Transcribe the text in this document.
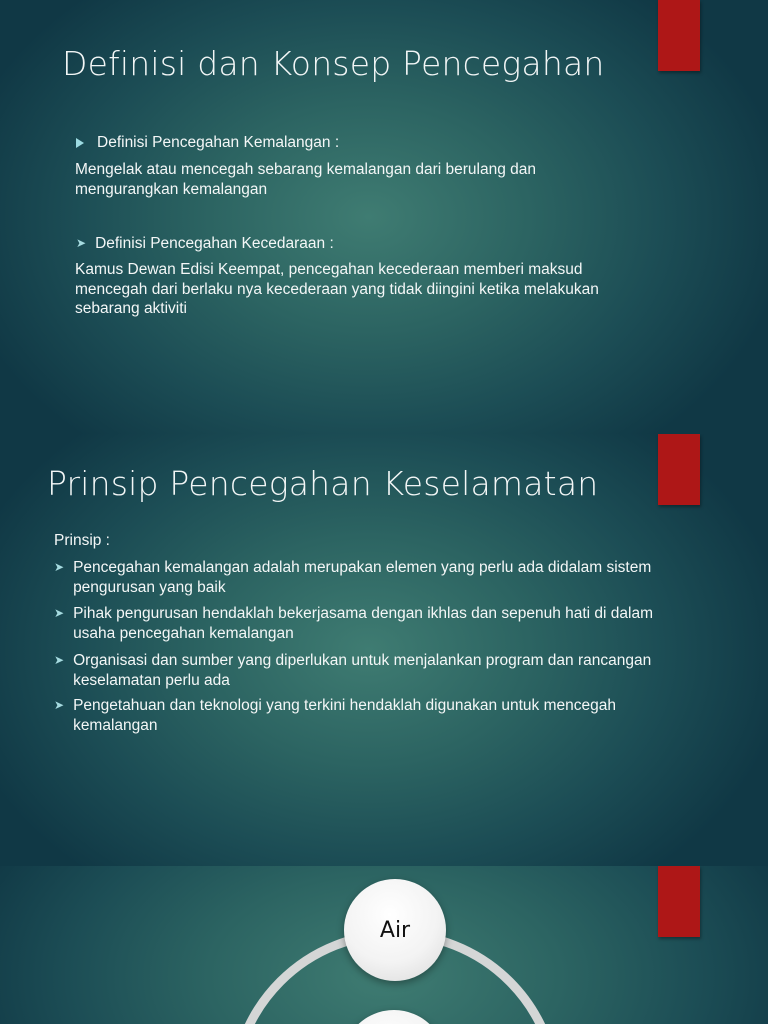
Definisi dan Konsep Pencegahan
Definisi Pencegahan Kemalangan :
Mengelak atau mencegah sebarang kemalangan dari berulang dan
mengurangkan kemalangan
➤ Definisi Pencegahan Kecedaraan :
Kamus Dewan Edisi Keempat, pencegahan kecederaan memberi maksud
mencegah dari berlaku nya kecederaan yang tidak diingini ketika melakukan
sebarang aktiviti
Prinsip Pencegahan Keselamatan
Prinsip :
➤ Pencegahan kemalangan adalah merupakan elemen yang perlu ada didalam sistem
pengurusan yang baik
➤ Pihak pengurusan hendaklah bekerjasama dengan ikhlas dan sepenuh hati di dalam
usaha pencegahan kemalangan
➤ Organisasi dan sumber yang diperlukan untuk menjalankan program dan rancangan
keselamatan perlu ada
➤ Pengetahuan dan teknologi yang terkini hendaklah digunakan untuk mencegah
kemalangan
Air
